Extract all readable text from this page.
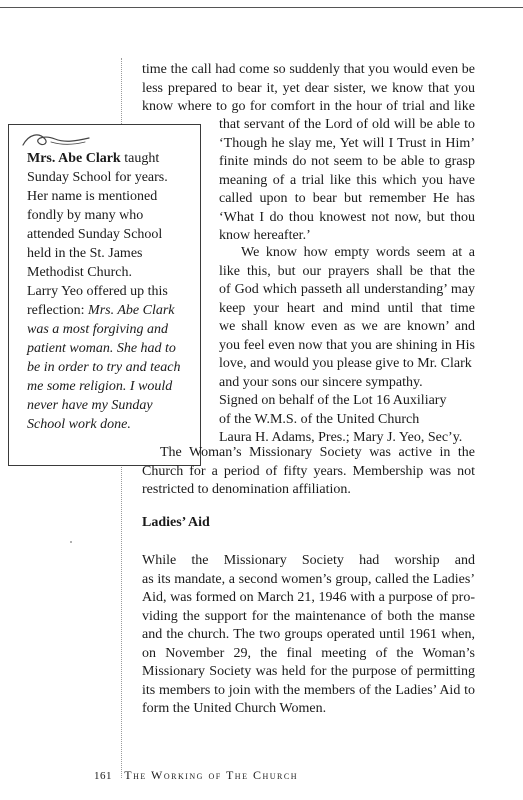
time the call had come so suddenly that you would even be
less prepared to bear it, yet dear sister, we know that you
know where to go for comfort in the hour of trial and like
that servant of the Lord of old will be able to
‘Though he slay me, Yet will I Trust in Him’
finite minds do not seem to be able to grasp
meaning of a trial like this which you have
called upon to bear but remember He has
‘What I do thou knowest not now, but thou
know hereafter.’
We know how empty words seem at a
like this, but our prayers shall be that the
of God which passeth all understanding’ may
keep your heart and mind until that time
we shall know even as we are known’ and
you feel even now that you are shining in His
love, and would you please give to Mr. Clark
and your sons our sincere sympathy.
Signed on behalf of the Lot 16 Auxiliary
of the W.M.S. of the United Church
Laura H. Adams, Pres.; Mary J. Yeo, Sec’y.
Mrs. Abe Clark taught
Sunday School for years.
Her name is mentioned
fondly by many who
attended Sunday School
held in the St. James
Methodist Church.
Larry Yeo offered up this
reflection: Mrs. Abe Clark
was a most forgiving and
patient woman. She had to
be in order to try and teach
me some religion. I would
never have my Sunday
School work done.
The Woman’s Missionary Society was active in the
Church for a period of fifty years. Membership was not
restricted to denomination affiliation.
Ladies’ Aid
While the Missionary Society had worship and
as its mandate, a second women’s group, called the Ladies’
Aid, was formed on March 21, 1946 with a purpose of pro-
viding the support for the maintenance of both the manse
and the church. The two groups operated until 1961 when,
on November 29, the final meeting of the Woman’s
Missionary Society was held for the purpose of permitting
its members to join with the members of the Ladies’ Aid to
form the United Church Women.
161 The Working of The Church
